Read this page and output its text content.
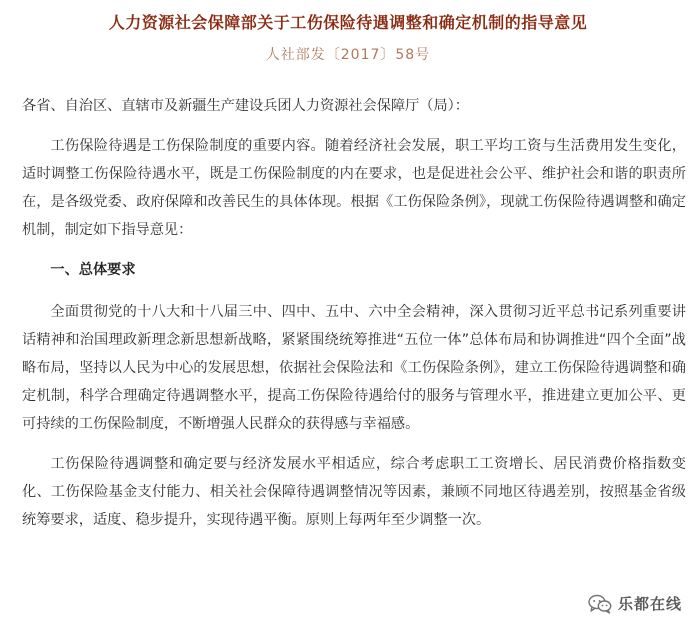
人力资源社会保障部关于工伤保险待遇调整和确定机制的指导意见
人社部发〔2017〕58号

各省、自治区、直辖市及新疆生产建设兵团人力资源社会保障厅（局）：

工伤保险待遇是工伤保险制度的重要内容。随着经济社会发展，职工平均工资与生活费用发生变化，适时调整工伤保险待遇水平，既是工伤保险制度的内在要求，也是促进社会公平、维护社会和谐的职责所在，是各级党委、政府保障和改善民生的具体体现。根据《工伤保险条例》，现就工伤保险待遇调整和确定机制，制定如下指导意见：

一、总体要求

全面贯彻党的十八大和十八届三中、四中、五中、六中全会精神，深入贯彻习近平总书记系列重要讲话精神和治国理政新理念新思想新战略，紧紧围绕统筹推进“五位一体”总体布局和协调推进“四个全面”战略布局，坚持以人民为中心的发展思想，依据社会保险法和《工伤保险条例》，建立工伤保险待遇调整和确定机制，科学合理确定待遇调整水平，提高工伤保险待遇给付的服务与管理水平，推进建立更加公平、更可持续的工伤保险制度，不断增强人民群众的获得感与幸福感。

工伤保险待遇调整和确定要与经济发展水平相适应，综合考虑职工工资增长、居民消费价格指数变化、工伤保险基金支付能力、相关社会保障待遇调整情况等因素，兼顾不同地区待遇差别，按照基金省级统筹要求，适度、稳步提升，实现待遇平衡。原则上每两年至少调整一次。

乐都在线
